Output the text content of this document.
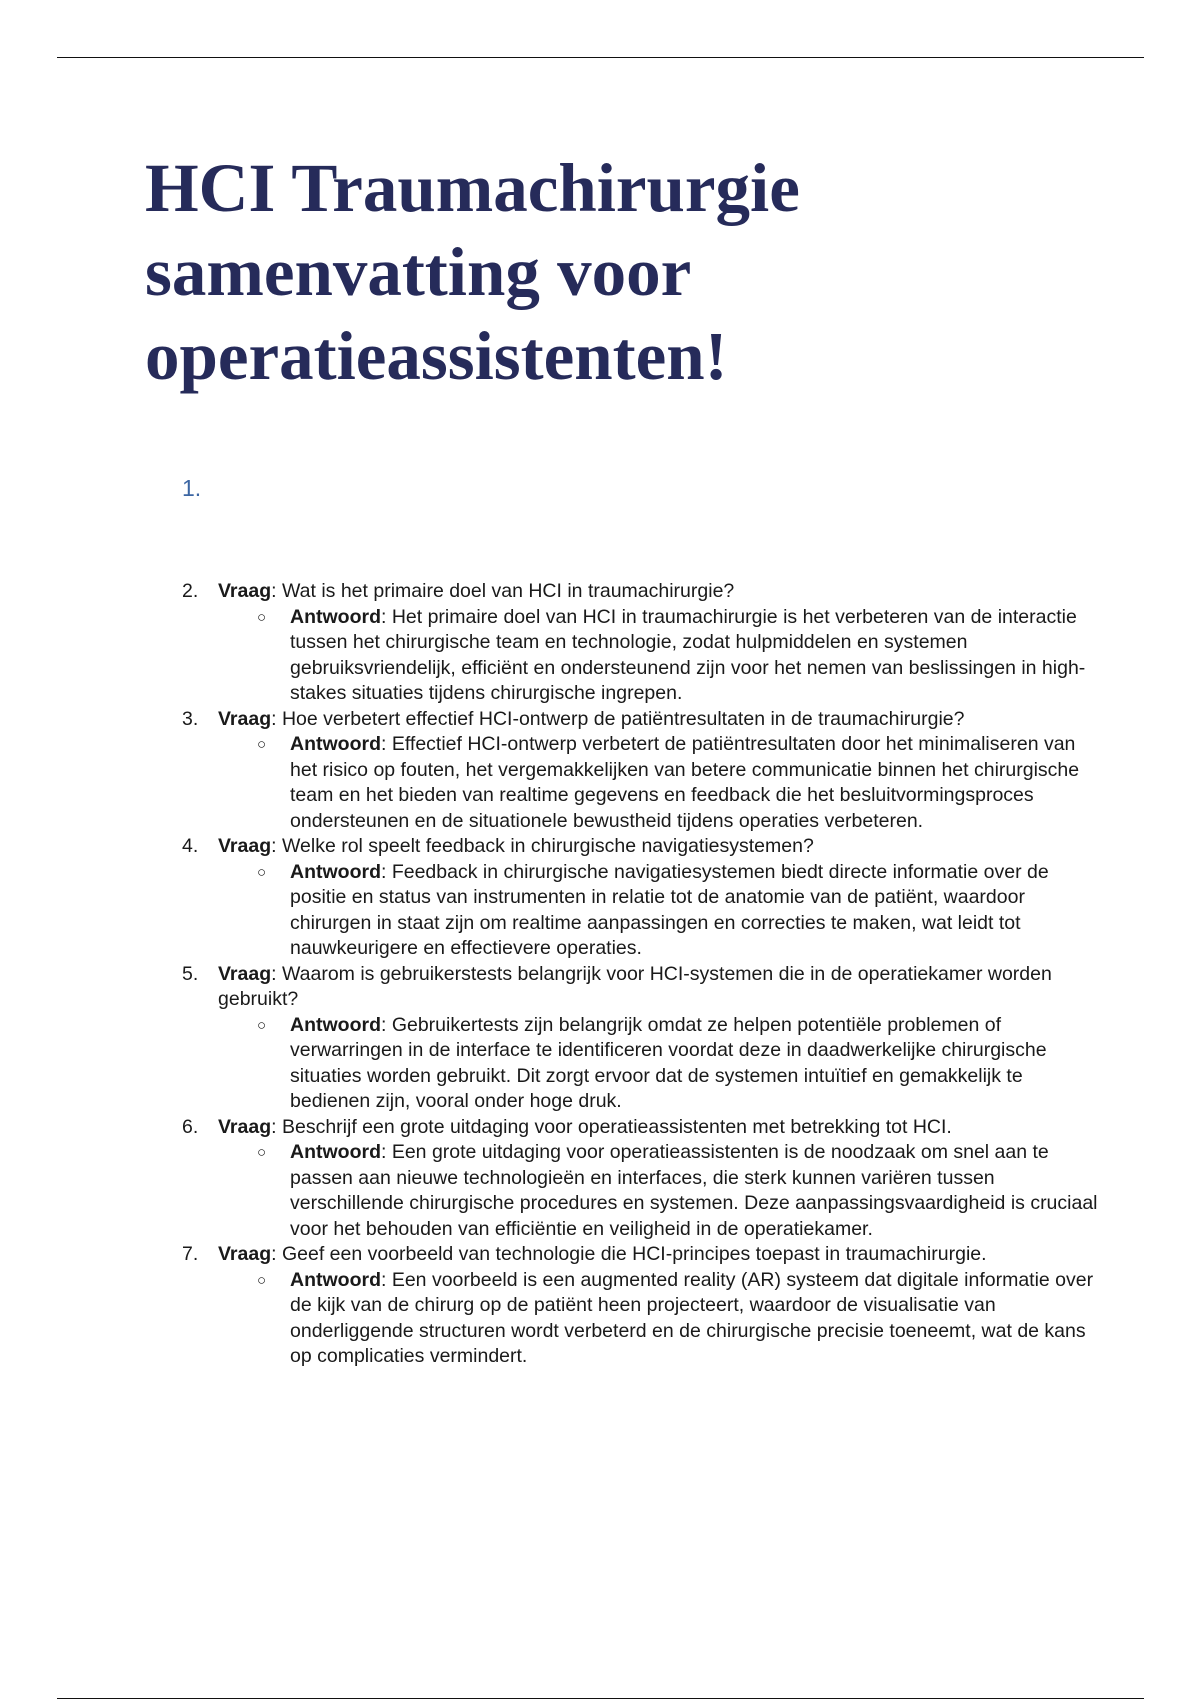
HCI Traumachirurgie
samenvatting voor
operatieassistenten!
1.
2. Vraag: Wat is het primaire doel van HCI in traumachirurgie?
○ Antwoord: Het primaire doel van HCI in traumachirurgie is het verbeteren van de interactie tussen het chirurgische team en technologie, zodat hulpmiddelen en systemen gebruiksvriendelijk, efficiënt en ondersteunend zijn voor het nemen van beslissingen in high-stakes situaties tijdens chirurgische ingrepen.
3. Vraag: Hoe verbetert effectief HCI-ontwerp de patiëntresultaten in de traumachirurgie?
○ Antwoord: Effectief HCI-ontwerp verbetert de patiëntresultaten door het minimaliseren van het risico op fouten, het vergemakkelijken van betere communicatie binnen het chirurgische team en het bieden van realtime gegevens en feedback die het besluitvormingsproces ondersteunen en de situationele bewustheid tijdens operaties verbeteren.
4. Vraag: Welke rol speelt feedback in chirurgische navigatiesystemen?
○ Antwoord: Feedback in chirurgische navigatiesystemen biedt directe informatie over de positie en status van instrumenten in relatie tot de anatomie van de patiënt, waardoor chirurgen in staat zijn om realtime aanpassingen en correcties te maken, wat leidt tot nauwkeurigere en effectievere operaties.
5. Vraag: Waarom is gebruikerstests belangrijk voor HCI-systemen die in de operatiekamer worden gebruikt?
○ Antwoord: Gebruikertests zijn belangrijk omdat ze helpen potentiële problemen of verwarringen in de interface te identificeren voordat deze in daadwerkelijke chirurgische situaties worden gebruikt. Dit zorgt ervoor dat de systemen intuïtief en gemakkelijk te bedienen zijn, vooral onder hoge druk.
6. Vraag: Beschrijf een grote uitdaging voor operatieassistenten met betrekking tot HCI.
○ Antwoord: Een grote uitdaging voor operatieassistenten is de noodzaak om snel aan te passen aan nieuwe technologieën en interfaces, die sterk kunnen variëren tussen verschillende chirurgische procedures en systemen. Deze aanpassingsvaardigheid is cruciaal voor het behouden van efficiëntie en veiligheid in de operatiekamer.
7. Vraag: Geef een voorbeeld van technologie die HCI-principes toepast in traumachirurgie.
○ Antwoord: Een voorbeeld is een augmented reality (AR) systeem dat digitale informatie over de kijk van de chirurg op de patiënt heen projecteert, waardoor de visualisatie van onderliggende structuren wordt verbeterd en de chirurgische precisie toeneemt, wat de kans op complicaties vermindert.
